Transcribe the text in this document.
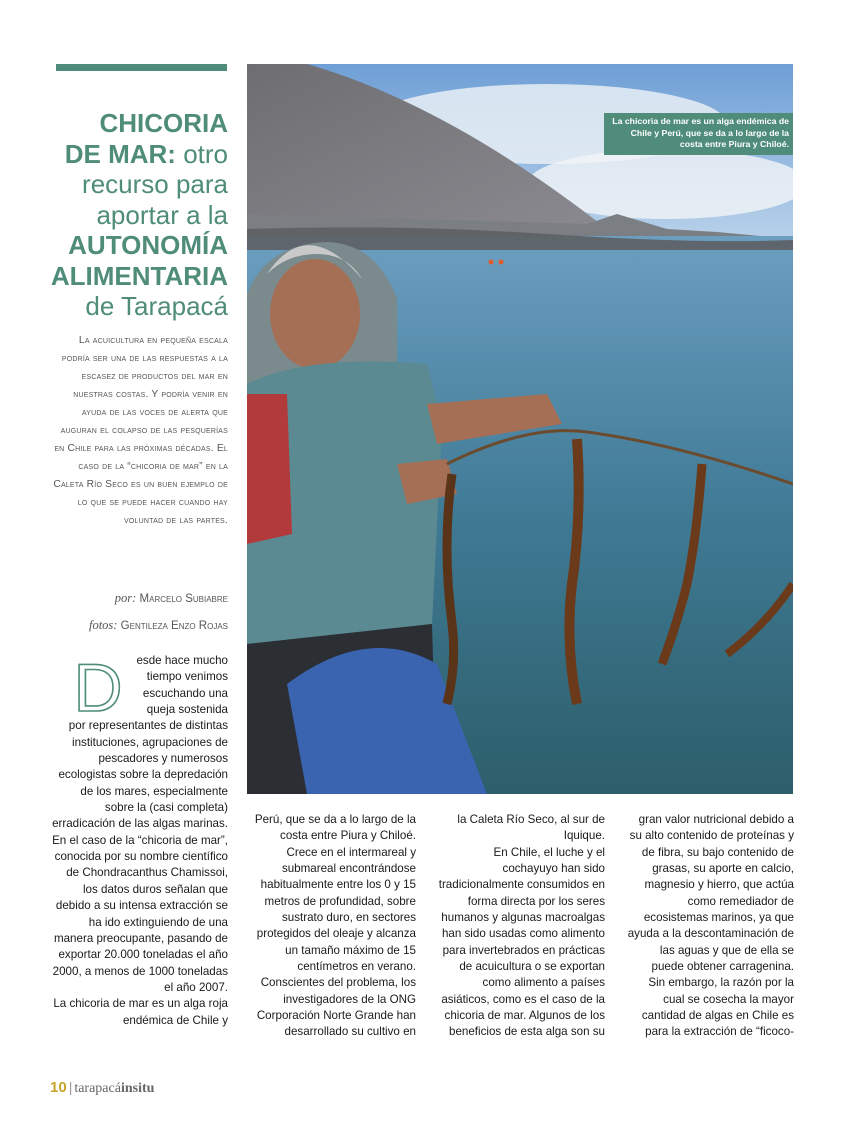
CHICORIA
DE MAR: otro
recurso para
aportar a la
AUTONOMÍA
ALIMENTARIA
de Tarapacá

La acuicultura en pequeña escala podría ser una de las respuestas a la escasez de productos del mar en nuestras costas. Y podría venir en ayuda de las voces de alerta que auguran el colapso de las pesquerías en Chile para las próximas décadas. El caso de la “chicoria de mar” en la Caleta Río Seco es un buen ejemplo de lo que se puede hacer cuando hay voluntad de las partes.

por: Marcelo Subiabre
fotos: Gentileza Enzo Rojas
La chicoria de mar es un alga endémica de Chile y Perú, que se da a lo largo de la costa entre Piura y Chiloé.
D	esde hace mucho tiempo venimos escuchando una queja sostenida por representantes de distintas instituciones, agrupaciones de pescadores y numerosos ecologistas sobre la depredación de los mares, especialmente sobre la (casi completa) erradicación de las algas marinas. En el caso de la “chicoria de mar”, conocida por su nombre científico de Chondracanthus Chamissoi, los datos duros señalan que debido a su intensa extracción se ha ido extinguiendo de una manera preocupante, pasando de exportar 20.000 toneladas el año 2000, a menos de 1000 toneladas el año 2007.

La chicoria de mar es un alga roja endémica de Chile y

Perú, que se da a lo largo de la costa entre Piura y Chiloé.

Crece en el intermareal y submareal encontrándose habitualmente entre los 0 y 15 metros de profundidad, sobre sustrato duro, en sectores protegidos del oleaje y alcanza un tamaño máximo de 15 centímetros en verano.

Conscientes del problema, los investigadores de la ONG Corporación Norte Grande han desarrollado su cultivo en

la Caleta Río Seco, al sur de Iquique.

En Chile, el luche y el cochayuyo han sido tradicionalmente consumidos en forma directa por los seres humanos y algunas macroalgas han sido usadas como alimento para invertebrados en prácticas de acuicultura o se exportan como alimento a países asiáticos, como es el caso de la chicoria de mar. Algunos de los beneficios de esta alga son su

gran valor nutricional debido a su alto contenido de proteínas y de fibra, su bajo contenido de grasas, su aporte en calcio, magnesio y hierro, que actúa como remediador de ecosistemas marinos, ya que ayuda a la descontaminación de las aguas y que de ella se puede obtener carragenina.

Sin embargo, la razón por la cual se cosecha la mayor cantidad de algas en Chile es para la extracción de “ficoco-

10 | tarapacáinsitu
